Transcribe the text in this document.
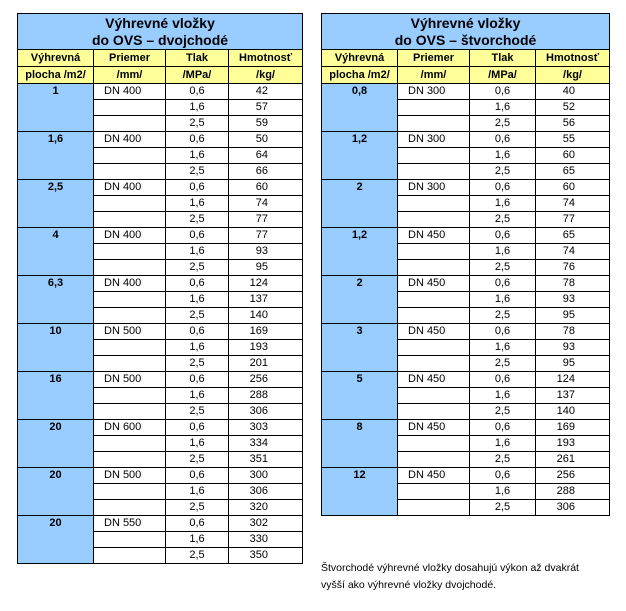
Výhrevné vložky
do OVS – dvojchodé			
Výhrevná	Priemer	Tlak	Hmotnosť
plocha /m2/	/mm/	/MPa/	/kg/
1	DN 400	0,6	42
		1,6	57
		2,5	59
1,6	DN 400	0,6	50
		1,6	64
		2,5	66
2,5	DN 400	0,6	60
		1,6	74
		2,5	77
4	DN 400	0,6	77
		1,6	93
		2,5	95
6,3	DN 400	0,6	124
		1,6	137
		2,5	140
10	DN 500	0,6	169
		1,6	193
		2,5	201
16	DN 500	0,6	256
		1,6	288
		2,5	306
20	DN 600	0,6	303
		1,6	334
		2,5	351
20	DN 500	0,6	300
		1,6	306
		2,5	320
20	DN 550	0,6	302
		1,6	330
		2,5	350
Výhrevné vložky
do OVS – štvorchodé			
Výhrevná	Priemer	Tlak	Hmotnosť
plocha /m2/	/mm/	/MPa/	/kg/
0,8	DN 300	0,6	40
		1,6	52
		2,5	56
1,2	DN 300	0,6	55
		1,6	60
		2,5	65
2	DN 300	0,6	60
		1,6	74
		2,5	77
1,2	DN 450	0,6	65
		1,6	74
		2,5	76
2	DN 450	0,6	78
		1,6	93
		2,5	95
3	DN 450	0,6	78
		1,6	93
		2,5	95
5	DN 450	0,6	124
		1,6	137
		2,5	140
8	DN 450	0,6	169
		1,6	193
		2,5	261
12	DN 450	0,6	256
		1,6	288
		2,5	306
Štvorchodé výhrevné vložky dosahujú výkon až dvakrát
vyšší ako výhrevné vložky dvojchodé.
